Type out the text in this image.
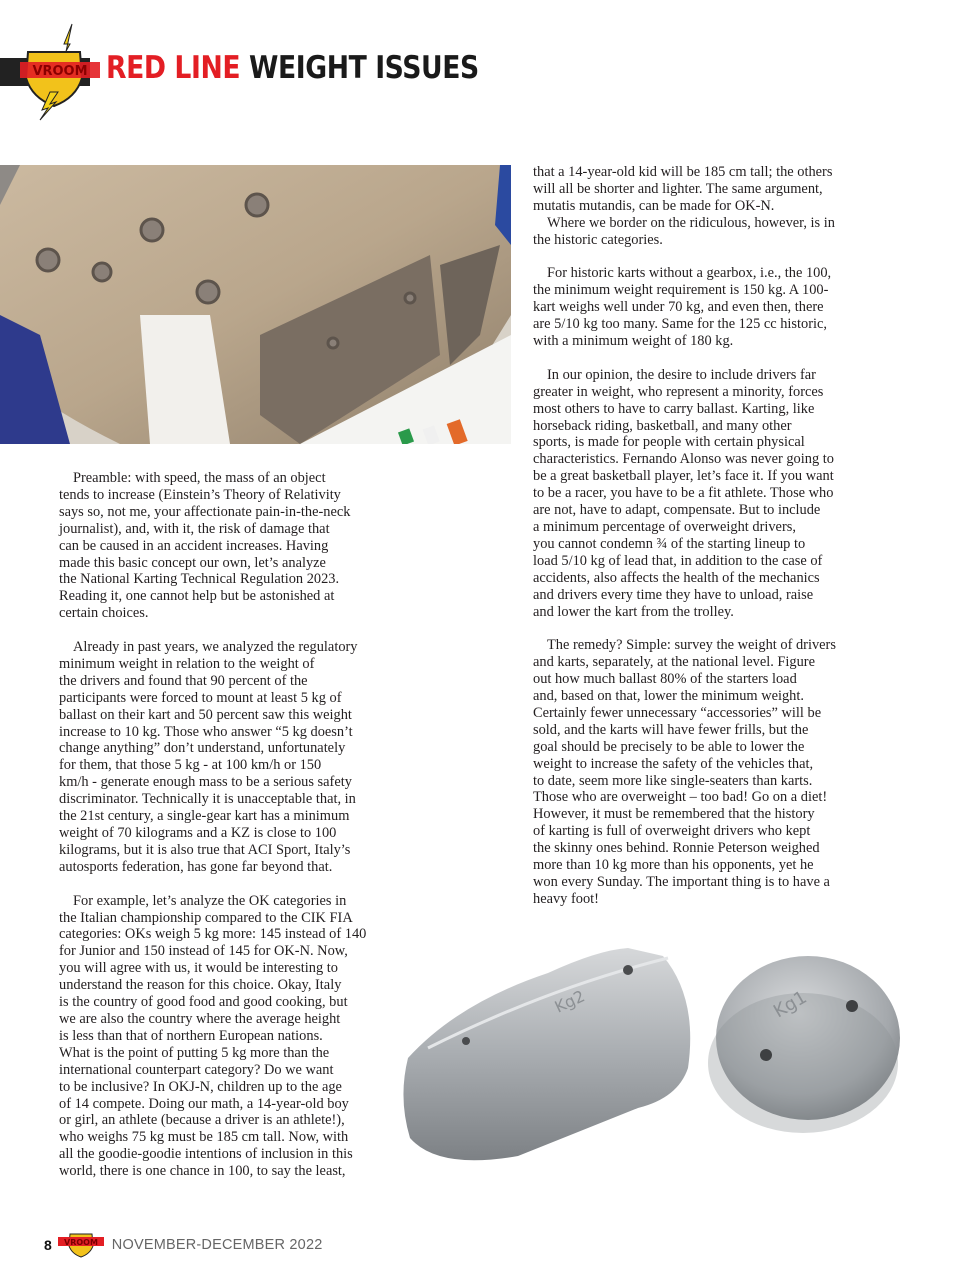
VROOM RED LINE WEIGHT ISSUES
Preamble: with speed, the mass of an object
tends to increase (Einstein’s Theory of Relativity
says so, not me, your affectionate pain-in-the-neck
journalist), and, with it, the risk of damage that
can be caused in an accident increases. Having
made this basic concept our own, let’s analyze
the National Karting Technical Regulation 2023.
Reading it, one cannot help but be astonished at
certain choices.
Already in past years, we analyzed the regulatory
minimum weight in relation to the weight of
the drivers and found that 90 percent of the
participants were forced to mount at least 5 kg of
ballast on their kart and 50 percent saw this weight
increase to 10 kg. Those who answer “5 kg doesn’t
change anything” don’t understand, unfortunately
for them, that those 5 kg - at 100 km/h or 150
km/h - generate enough mass to be a serious safety
discriminator. Technically it is unacceptable that, in
the 21st century, a single-gear kart has a minimum
weight of 70 kilograms and a KZ is close to 100
kilograms, but it is also true that ACI Sport, Italy’s
autosports federation, has gone far beyond that.
For example, let’s analyze the OK categories in
the Italian championship compared to the CIK FIA
categories: OKs weigh 5 kg more: 145 instead of 140
for Junior and 150 instead of 145 for OK-N. Now,
you will agree with us, it would be interesting to
understand the reason for this choice. Okay, Italy
is the country of good food and good cooking, but
we are also the country where the average height
is less than that of northern European nations.
What is the point of putting 5 kg more than the
international counterpart category? Do we want
to be inclusive? In OKJ-N, children up to the age
of 14 compete. Doing our math, a 14-year-old boy
or girl, an athlete (because a driver is an athlete!),
who weighs 75 kg must be 185 cm tall. Now, with
all the goodie-goodie intentions of inclusion in this
world, there is one chance in 100, to say the least,
that a 14-year-old kid will be 185 cm tall; the others
will all be shorter and lighter. The same argument,
mutatis mutandis, can be made for OK-N.
Where we border on the ridiculous, however, is in
the historic categories.
For historic karts without a gearbox, i.e., the 100,
the minimum weight requirement is 150 kg. A 100-
kart weighs well under 70 kg, and even then, there
are 5/10 kg too many. Same for the 125 cc historic,
with a minimum weight of 180 kg.
In our opinion, the desire to include drivers far
greater in weight, who represent a minority, forces
most others to have to carry ballast. Karting, like
horseback riding, basketball, and many other
sports, is made for people with certain physical
characteristics. Fernando Alonso was never going to
be a great basketball player, let’s face it. If you want
to be a racer, you have to be a fit athlete. Those who
are not, have to adapt, compensate. But to include
a minimum percentage of overweight drivers,
you cannot condemn ¾ of the starting lineup to
load 5/10 kg of lead that, in addition to the case of
accidents, also affects the health of the mechanics
and drivers every time they have to unload, raise
and lower the kart from the trolley.
The remedy? Simple: survey the weight of drivers
and karts, separately, at the national level. Figure
out how much ballast 80% of the starters load
and, based on that, lower the minimum weight.
Certainly fewer unnecessary “accessories” will be
sold, and the karts will have fewer frills, but the
goal should be precisely to be able to lower the
weight to increase the safety of the vehicles that,
to date, seem more like single-seaters than karts.
Those who are overweight – too bad! Go on a diet!
However, it must be remembered that the history
of karting is full of overweight drivers who kept
the skinny ones behind. Ronnie Peterson weighed
more than 10 kg more than his opponents, yet he
won every Sunday. The important thing is to have a
heavy foot!
Kg2	Kg1
8 VROOM NOVEMBER-DECEMBER 2022
